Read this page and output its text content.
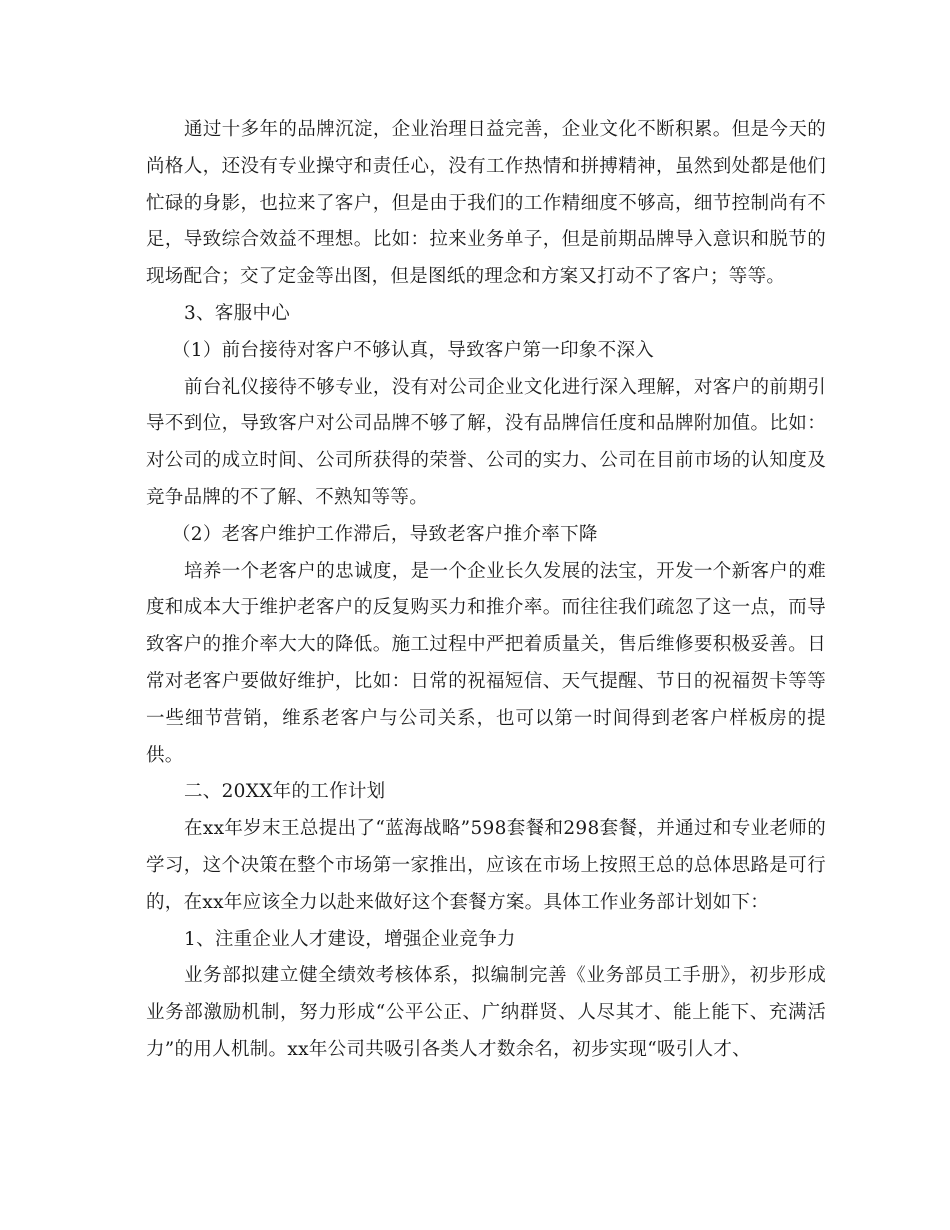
通过十多年的品牌沉淀，企业治理日益完善，企业文化不断积累。但是今天的尚格人，还没有专业操守和责任心，没有工作热情和拼搏精神，虽然到处都是他们忙碌的身影，也拉来了客户，但是由于我们的工作精细度不够高，细节控制尚有不足，导致综合效益不理想。比如：拉来业务单子，但是前期品牌导入意识和脱节的现场配合；交了定金等出图，但是图纸的理念和方案又打动不了客户；等等。

3、客服中心

（1）前台接待对客户不够认真，导致客户第一印象不深入

前台礼仪接待不够专业，没有对公司企业文化进行深入理解，对客户的前期引导不到位，导致客户对公司品牌不够了解，没有品牌信任度和品牌附加值。比如：对公司的成立时间、公司所获得的荣誉、公司的实力、公司在目前市场的认知度及竞争品牌的不了解、不熟知等等。

（2）老客户维护工作滞后，导致老客户推介率下降

培养一个老客户的忠诚度，是一个企业长久发展的法宝，开发一个新客户的难度和成本大于维护老客户的反复购买力和推介率。而往往我们疏忽了这一点，而导致客户的推介率大大的降低。施工过程中严把着质量关，售后维修要积极妥善。日常对老客户要做好维护，比如：日常的祝福短信、天气提醒、节日的祝福贺卡等等一些细节营销，维系老客户与公司关系，也可以第一时间得到老客户样板房的提供。

二、20XX年的工作计划

在xx年岁末王总提出了“蓝海战略”598套餐和298套餐，并通过和专业老师的学习，这个决策在整个市场第一家推出，应该在市场上按照王总的总体思路是可行的，在xx年应该全力以赴来做好这个套餐方案。具体工作业务部计划如下：

1、注重企业人才建设，增强企业竞争力

业务部拟建立健全绩效考核体系，拟编制完善《业务部员工手册》，初步形成业务部激励机制，努力形成“公平公正、广纳群贤、人尽其才、能上能下、充满活力”的用人机制。xx年公司共吸引各类人才数余名，初步实现“吸引人才、
